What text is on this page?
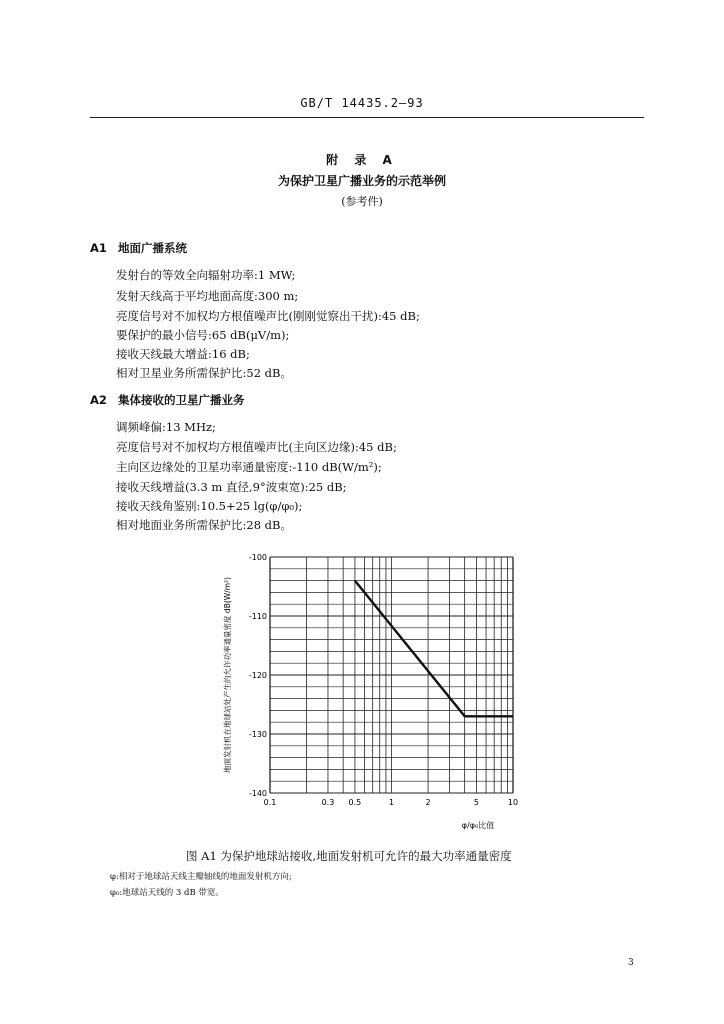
GB/T 14435.2—93
附 录 A
为保护卫星广播业务的示范举例
(参考件)
A1 地面广播系统
发射台的等效全向辐射功率:1 MW;
发射天线高于平均地面高度:300 m;
亮度信号对不加权均方根值噪声比(刚刚觉察出干扰):45 dB;
要保护的最小信号:65 dB(μV/m);
接收天线最大增益:16 dB;
相对卫星业务所需保护比:52 dB。
A2 集体接收的卫星广播业务
调频峰偏:13 MHz;
亮度信号对不加权均方根值噪声比(主向区边缘):45 dB;
主向区边缘处的卫星功率通量密度:-110 dB(W/m²);
接收天线增益(3.3 m 直径,9°波束宽):25 dB;
接收天线角鉴别:10.5+25 lg(φ/φ₀);
相对地面业务所需保护比:28 dB。
0.1	0.3 0.5	1	2	5	10
-100
-110
-120
-130
-140
地面发射机在地球站处产生的允许功率通量密度 dB(W/m²)
φ/φ₀比值
图 A1 为保护地球站接收,地面发射机可允许的最大功率通量密度
φ:相对于地球站天线主瓣轴线的地面发射机方向;
φ₀:地球站天线的 3 dB 带宽。
3
